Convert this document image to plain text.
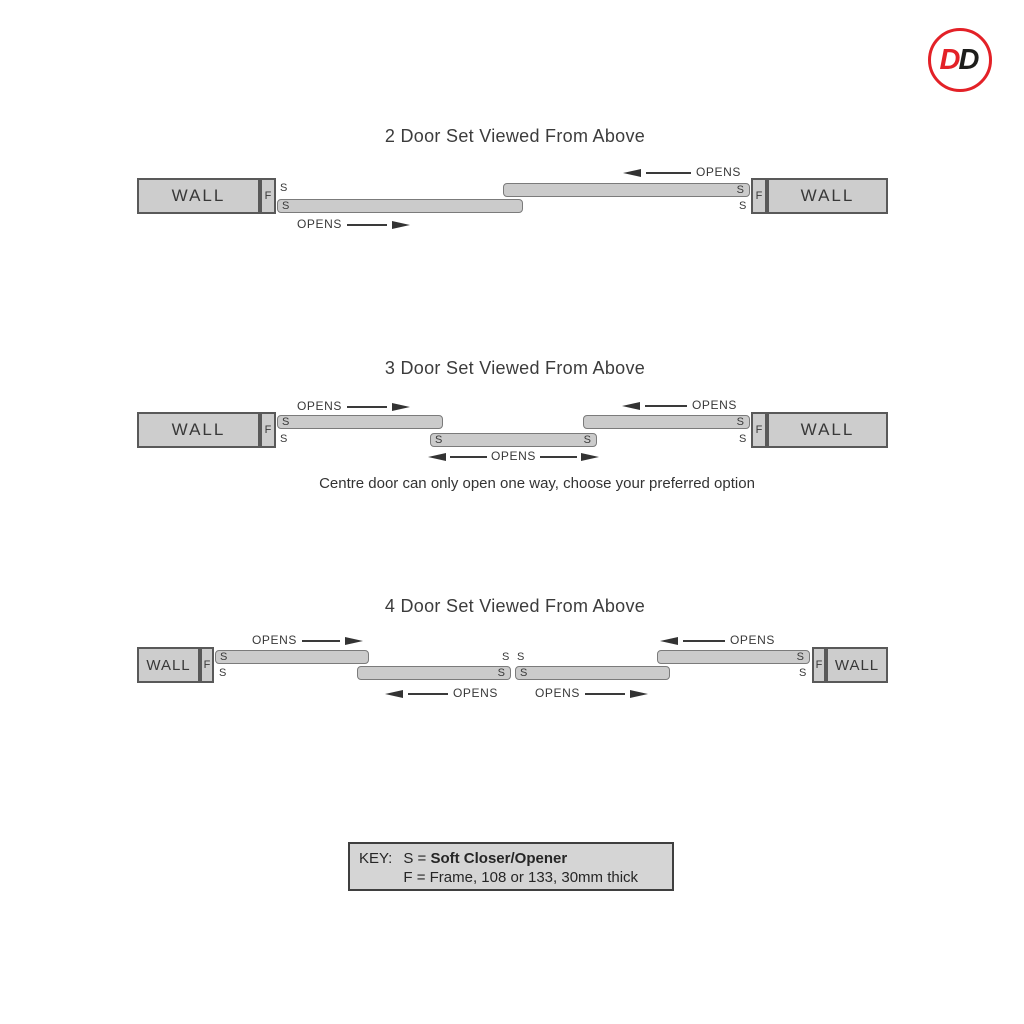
D D
2 Door Set Viewed From Above
WALL	F
S
S
OPENS
S
OPENS
S
F	WALL
3 Door Set Viewed From Above
WALL	F
OPENS
S
S	S	S
OPENS
S
OPENS
S
F	WALL
Centre door can only open one way, choose your preferred option
4 Door Set Viewed From Above
WALL	F
OPENS
S
S	S
S S
S
OPENS	OPENS
S
OPENS
S
F WALL
KEY: S = Soft Closer/Opener
F = Frame, 108 or 133, 30mm thick
